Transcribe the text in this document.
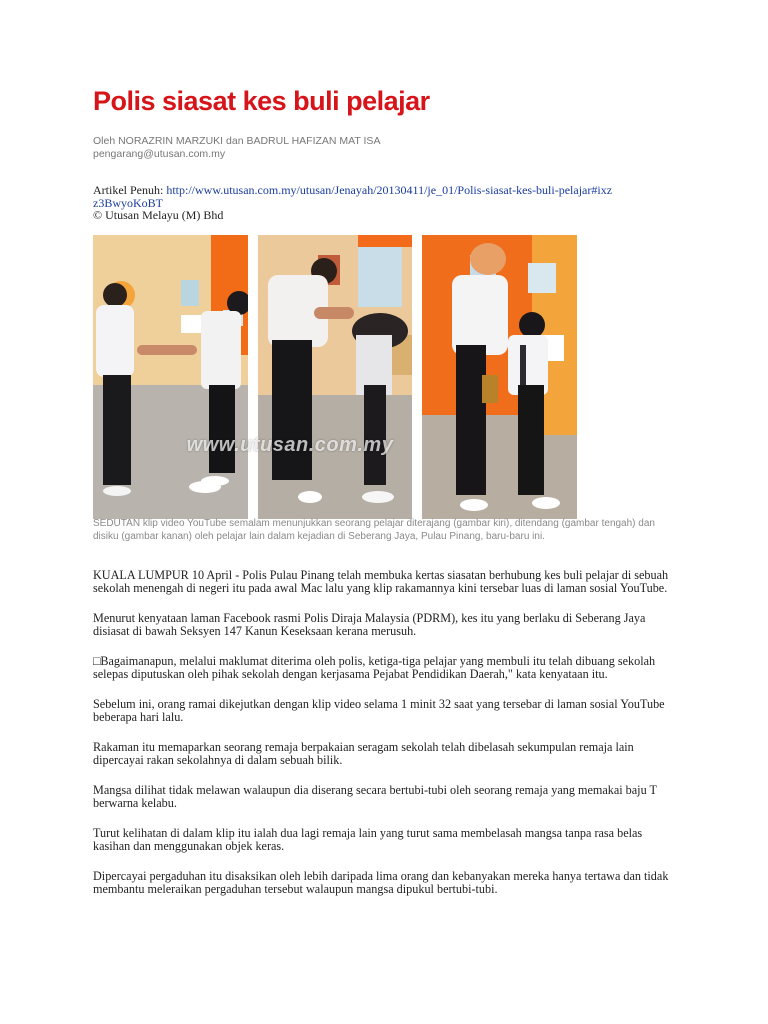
Polis siasat kes buli pelajar
Oleh NORAZRIN MARZUKI dan BADRUL HAFIZAN MAT ISA
pengarang@utusan.com.my
Artikel Penuh: http://www.utusan.com.my/utusan/Jenayah/20130411/je_01/Polis-siasat-kes-buli-pelajar#ixzz3BwyoKoBT
© Utusan Melayu (M) Bhd
www.utusan.com.my
SEDUTAN klip video YouTube semalam menunjukkan seorang pelajar diterajang (gambar kiri), ditendang (gambar tengah) dan disiku (gambar kanan) oleh pelajar lain dalam kejadian di Seberang Jaya, Pulau Pinang, baru-baru ini.

KUALA LUMPUR 10 April - Polis Pulau Pinang telah membuka kertas siasatan berhubung kes buli pelajar di sebuah sekolah menengah di negeri itu pada awal Mac lalu yang klip rakamannya kini tersebar luas di laman sosial YouTube.

Menurut kenyataan laman Facebook rasmi Polis Diraja Malaysia (PDRM), kes itu yang berlaku di Seberang Jaya disiasat di bawah Seksyen 147 Kanun Keseksaan kerana merusuh.

□Bagaimanapun, melalui maklumat diterima oleh polis, ketiga-tiga pelajar yang membuli itu telah dibuang sekolah selepas diputuskan oleh pihak sekolah dengan kerjasama Pejabat Pendidikan Daerah," kata kenyataan itu.

Sebelum ini, orang ramai dikejutkan dengan klip video selama 1 minit 32 saat yang tersebar di laman sosial YouTube beberapa hari lalu.

Rakaman itu memaparkan seorang remaja berpakaian seragam sekolah telah dibelasah sekumpulan remaja lain dipercayai rakan sekolahnya di dalam sebuah bilik.

Mangsa dilihat tidak melawan walaupun dia diserang secara bertubi-tubi oleh seorang remaja yang memakai baju T berwarna kelabu.

Turut kelihatan di dalam klip itu ialah dua lagi remaja lain yang turut sama membelasah mangsa tanpa rasa belas kasihan dan menggunakan objek keras.

Dipercayai pergaduhan itu disaksikan oleh lebih daripada lima orang dan kebanyakan mereka hanya tertawa dan tidak membantu meleraikan pergaduhan tersebut walaupun mangsa dipukul bertubi-tubi.
